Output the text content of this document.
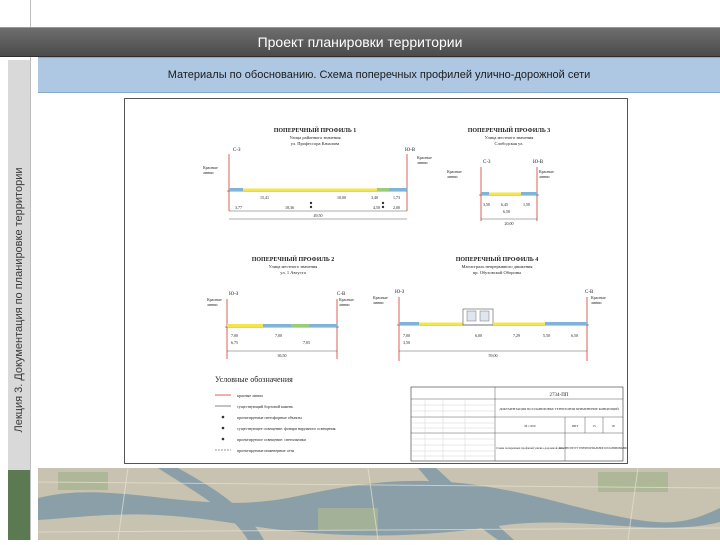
Лекция 3. Документация по планировке территории
Проект планировки территории
Материалы по обоснованию. Схема поперечных профилей улично-дорожной сети
ПОПЕРЕЧНЫЙ ПРОФИЛЬ 1
Улица районного значения
ул. Профессора Качалова
С-З	Ю-В
Красные
линии
Красные
линии
3,77
15,41
18,36
10,00	3,40	1,73
4,50	2,00
49,50
ПОПЕРЕЧНЫЙ ПРОФИЛЬ 3
Улица местного значения
Слободская ул.
С-З	Ю-В
Красные
линии
Красные
линии
3,50	6,45	1,50
6,50
20,00
ПОПЕРЕЧНЫЙ ПРОФИЛЬ 2
Улица местного значения
ул. 1 Августа
Ю-З	С-В
Красные
линии
Красные
линии
7,00
6,75
7,00
7,05
36,50
ПОПЕРЕЧНЫЙ ПРОФИЛЬ 4
Магистраль непрерывного движения
пр. Обуховской Обороны
Ю-З	С-В
Красные
линии
Красные
линии
7,00
3,50
6,00	7,29	5,50	6,50
59,00
Условные обозначения
красные линии
существующий бортовой камень
проектируемые светофорные объекты
существующее освещение: фонари наружного освещения
проектируемое освещение: светильники
проектируемые инженерные сети
2734-ПП
ДОКУМЕНТАЦИЯ ПО ПЛАНИРОВКЕ ТЕРРИТОРИИ ПРИМЕНЕНИЕ КОНЦЕПЦИЙ
М 1:200	ППТ	15	18
Схема поперечных профилей улично-дорожной сети
АО «ИНСТИТУТ ТЕРРИТОРИАЛЬНОГО ПЛАНИРОВАНИЯ»
